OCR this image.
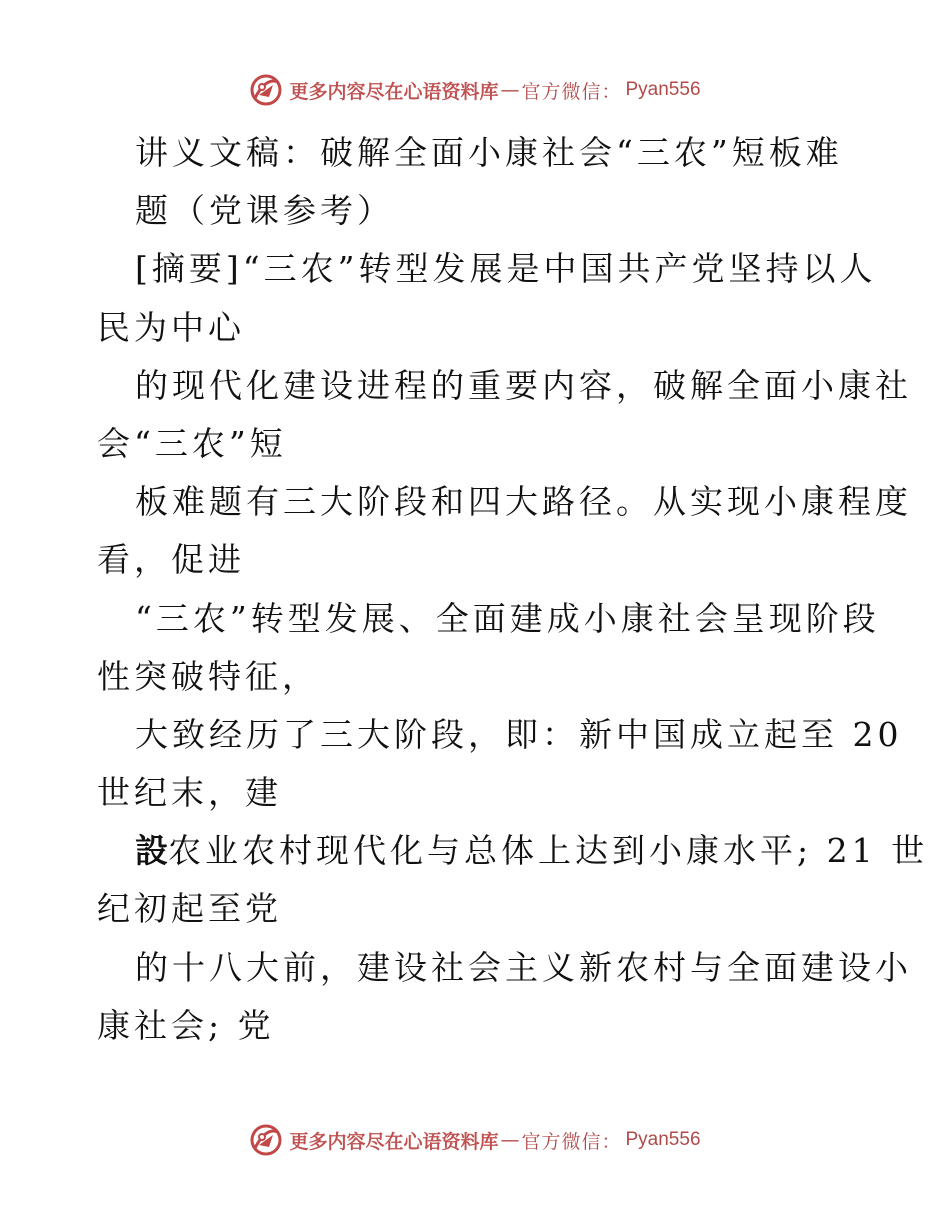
更多内容尽在心语资料库 — 官方微信： Pyan556
讲义文稿：破解全面小康社会“三农”短板难
题（党课参考）
[摘要]“三农”转型发展是中国共产党坚持以人
民为中心
的现代化建设进程的重要内容，破解全面小康社
会“三农”短
板难题有三大阶段和四大路径。从实现小康程度
看，促进
“三农”转型发展、全面建成小康社会呈现阶段
性突破特征，
大致经历了三大阶段，即：新中国成立起至 20
世纪末，建
設农业农村现代化与总体上达到小康水平; 21 世
纪初起至党
的十八大前，建设社会主义新农村与全面建设小
康社会; 党
更多内容尽在心语资料库 — 官方微信： Pyan556
